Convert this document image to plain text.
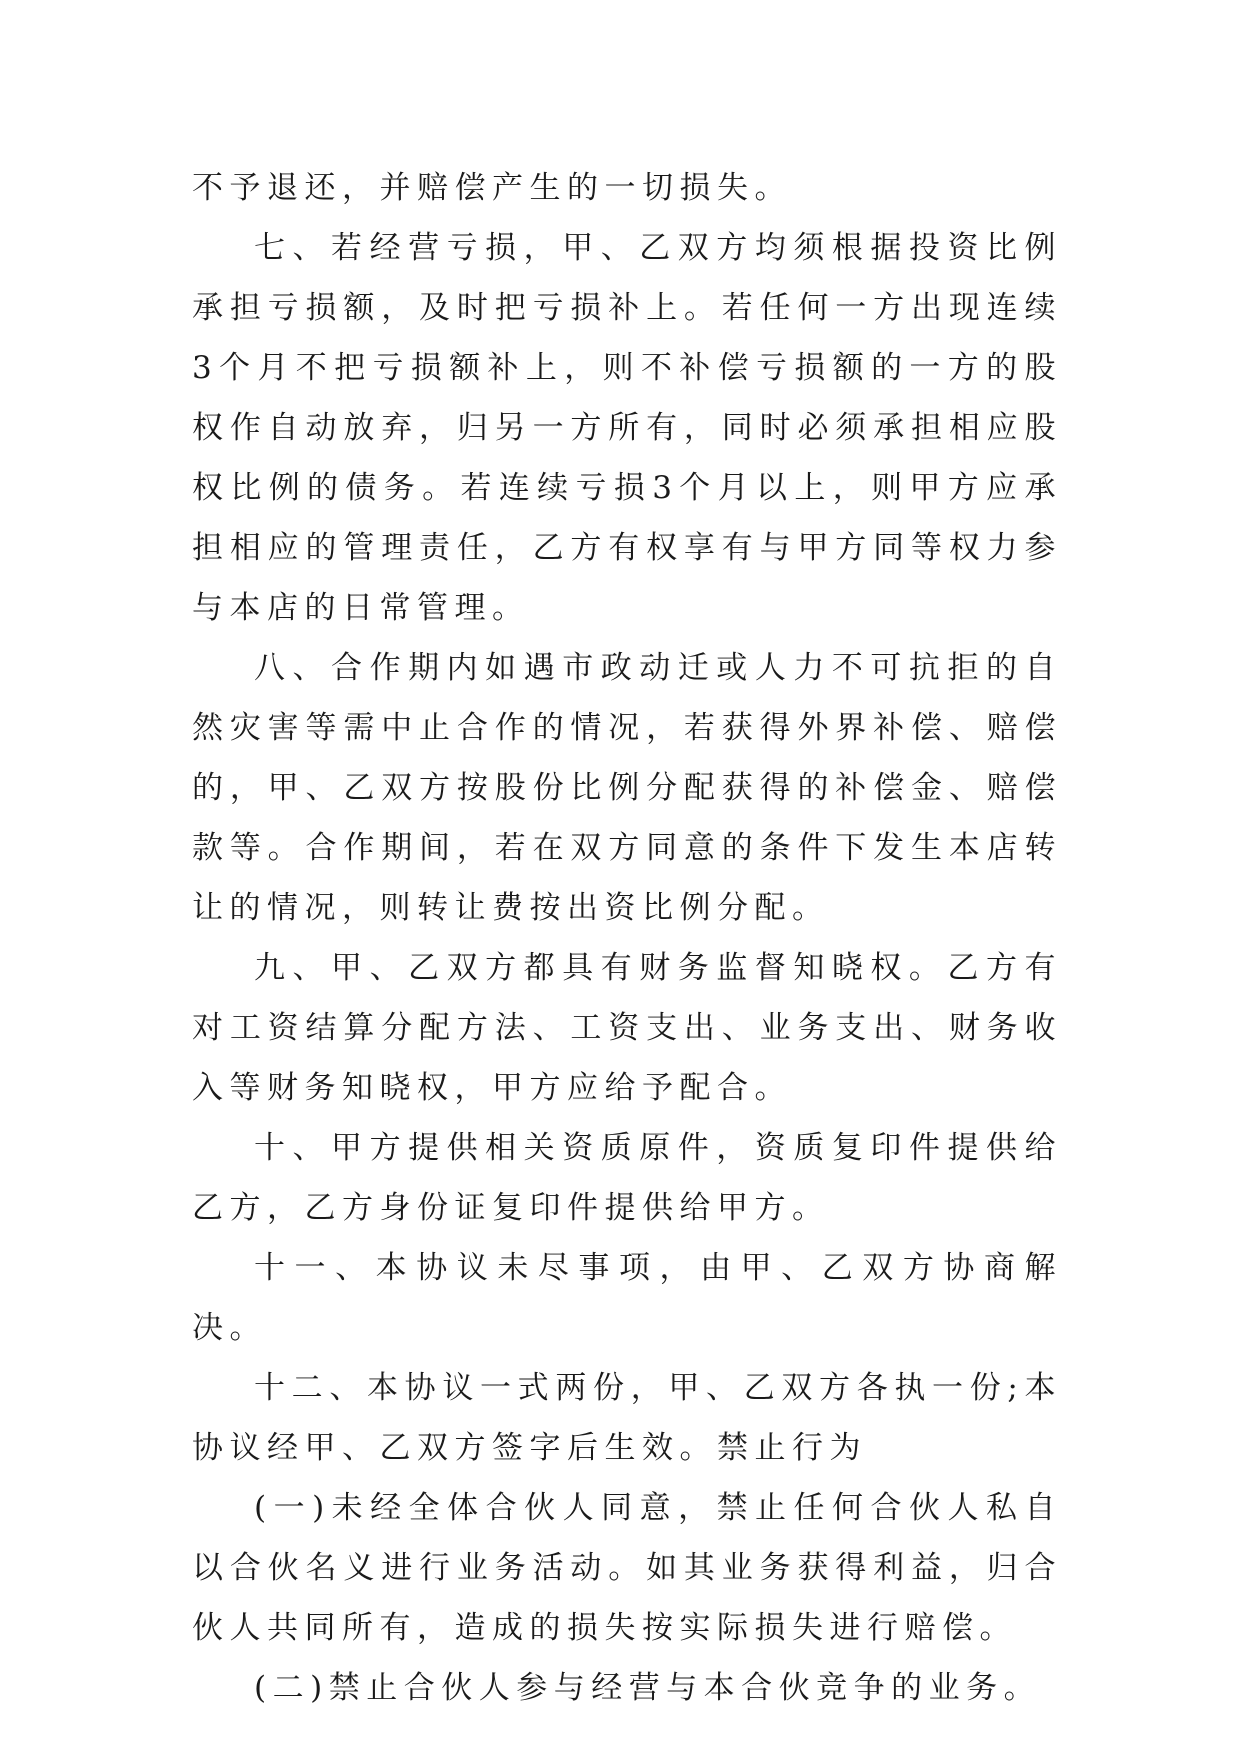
不予退还，并赔偿产生的一切损失。

七、若经营亏损，甲、乙双方均须根据投资比例承担亏损额，及时把亏损补上。若任何一方出现连续3个月不把亏损额补上，则不补偿亏损额的一方的股权作自动放弃，归另一方所有，同时必须承担相应股权比例的债务。若连续亏损3个月以上，则甲方应承担相应的管理责任，乙方有权享有与甲方同等权力参与本店的日常管理。

八、合作期内如遇市政动迁或人力不可抗拒的自然灾害等需中止合作的情况，若获得外界补偿、赔偿的，甲、乙双方按股份比例分配获得的补偿金、赔偿款等。合作期间，若在双方同意的条件下发生本店转让的情况，则转让费按出资比例分配。

九、甲、乙双方都具有财务监督知晓权。乙方有对工资结算分配方法、工资支出、业务支出、财务收入等财务知晓权，甲方应给予配合。

十、甲方提供相关资质原件，资质复印件提供给乙方，乙方身份证复印件提供给甲方。

十一、本协议未尽事项，由甲、乙双方协商解决。

十二、本协议一式两份，甲、乙双方各执一份;本协议经甲、乙双方签字后生效。禁止行为

(一)未经全体合伙人同意，禁止任何合伙人私自以合伙名义进行业务活动。如其业务获得利益，归合伙人共同所有，造成的损失按实际损失进行赔偿。

(二)禁止合伙人参与经营与本合伙竞争的业务。
